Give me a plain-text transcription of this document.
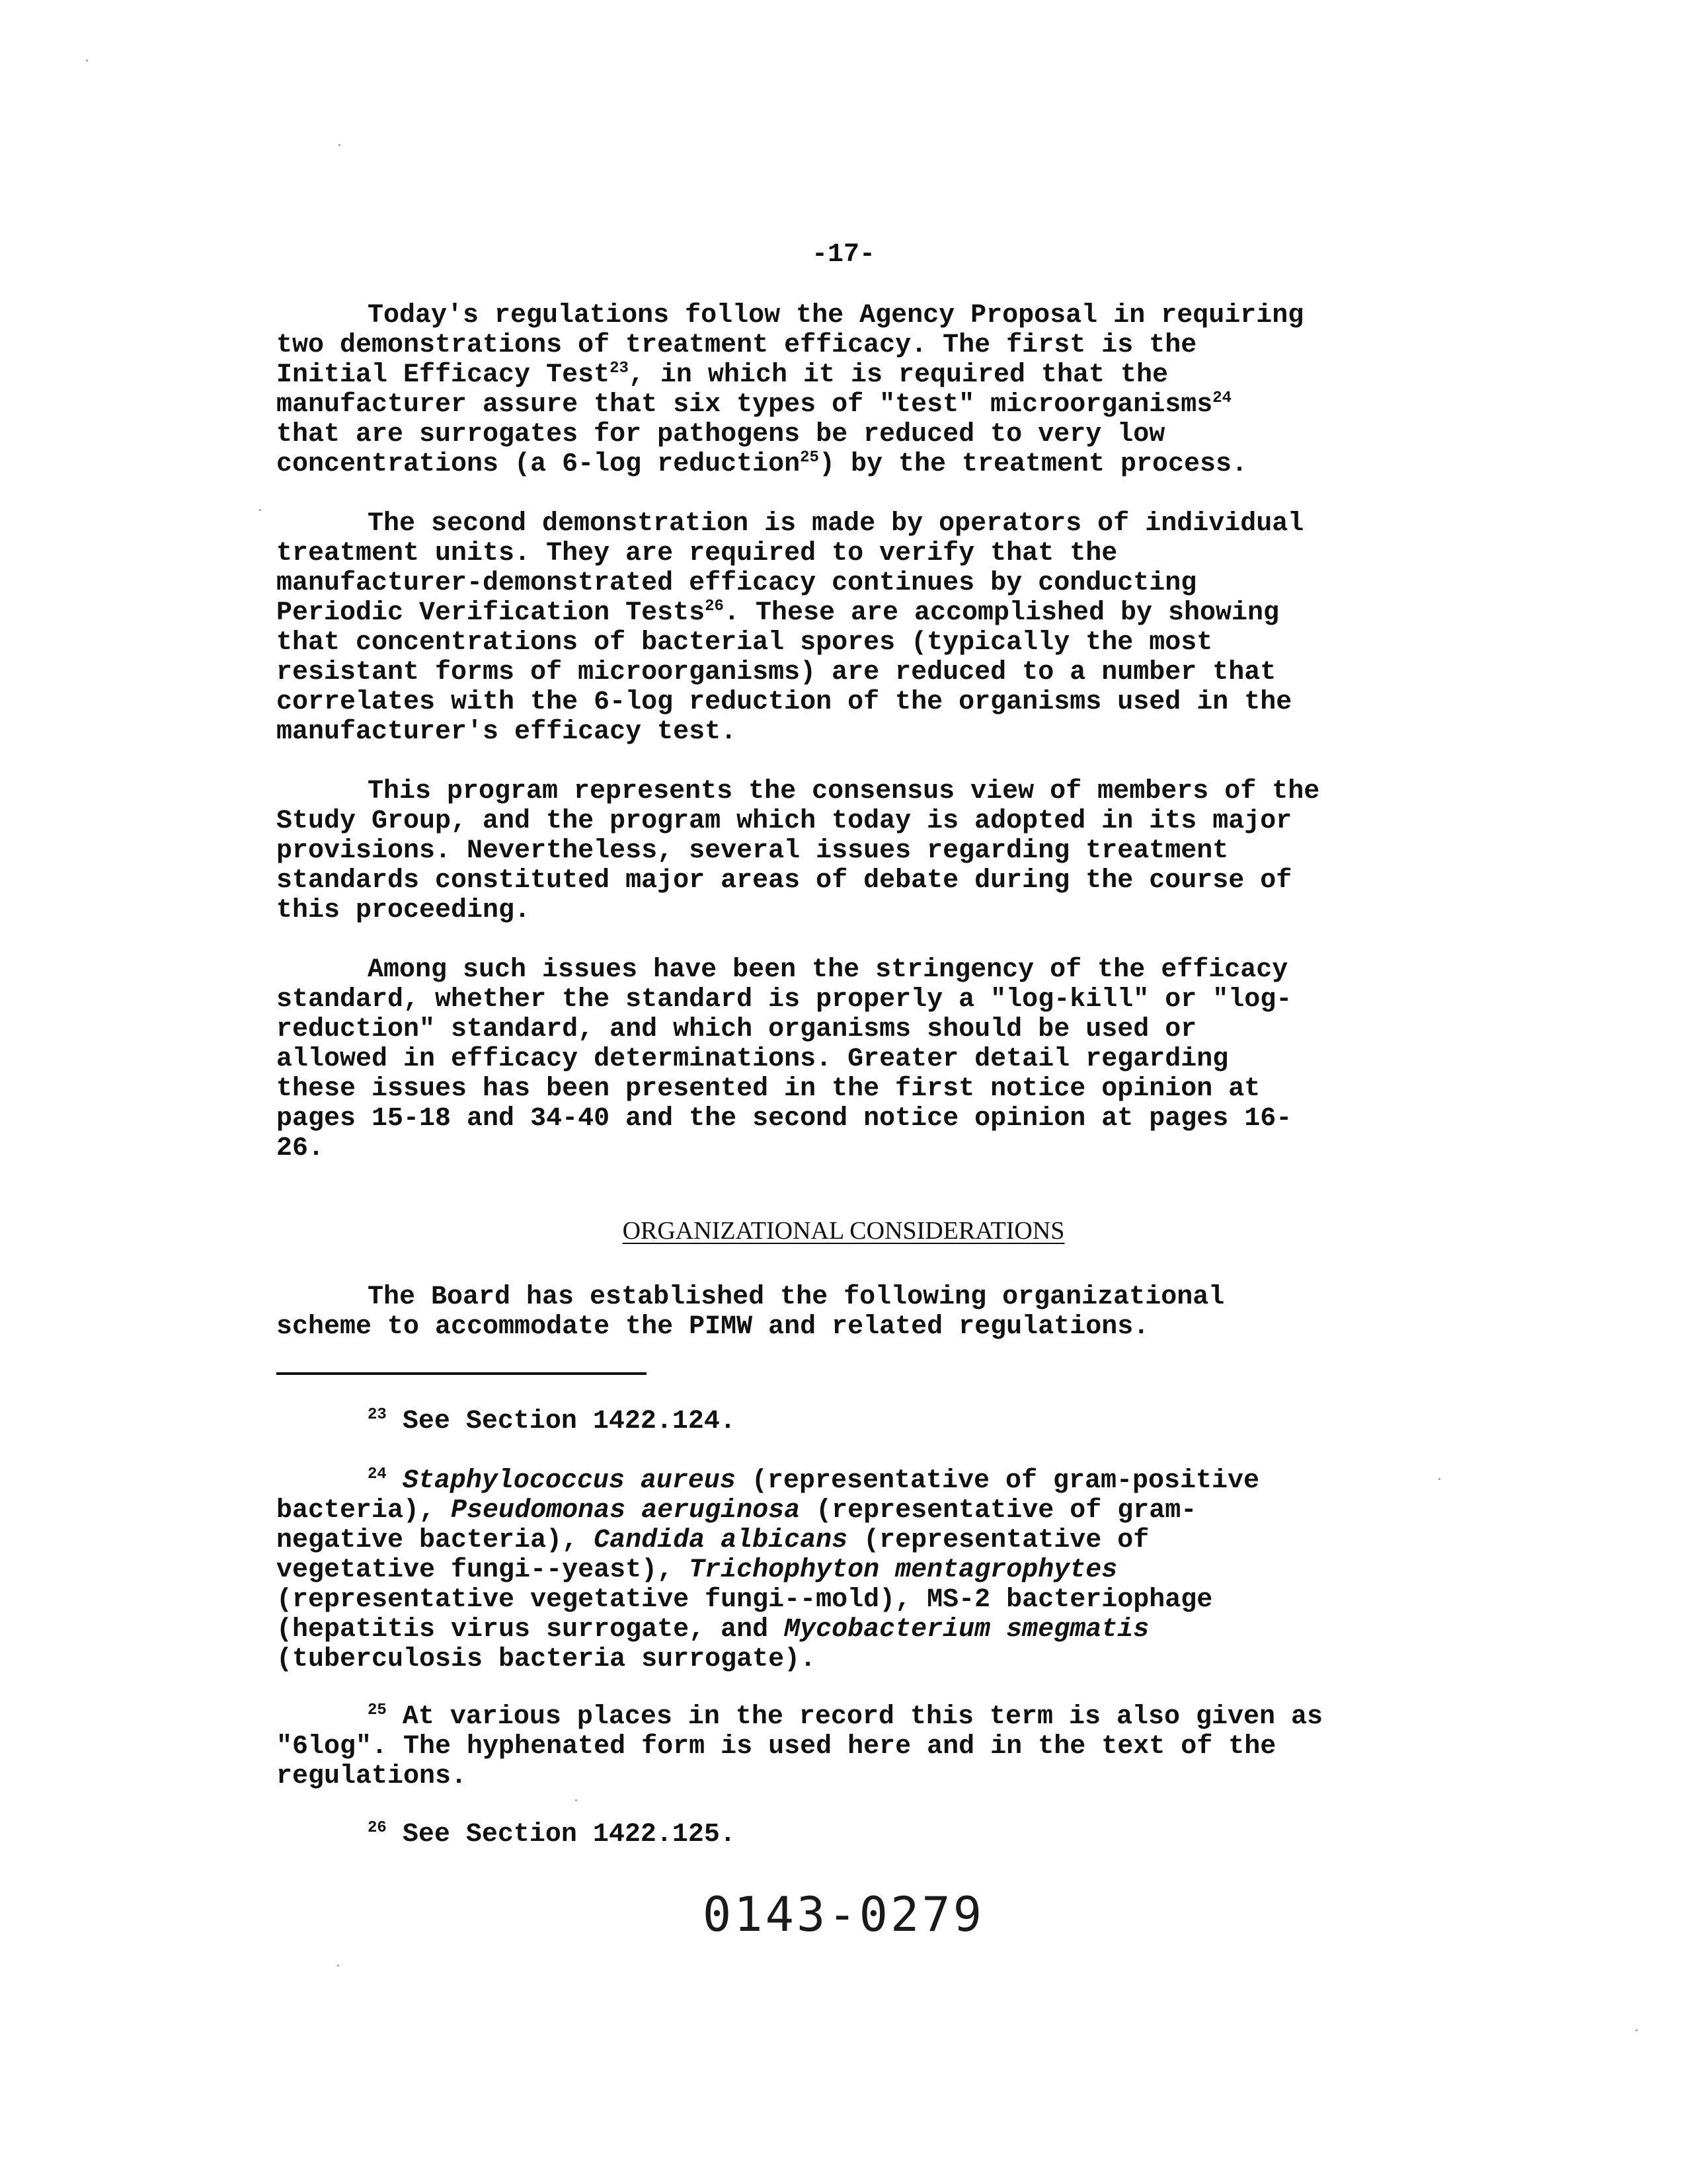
-17-
Today's regulations follow the Agency Proposal in requiring
two demonstrations of treatment efficacy. The first is the
Initial Efficacy Test$^{23}$, in which it is required that the
manufacturer assure that six types of "test" microorganisms$^{24}$
that are surrogates for pathogens be reduced to very low
concentrations (a 6-log reduction$^{25}$) by the treatment process.
The second demonstration is made by operators of individual
treatment units. They are required to verify that the
manufacturer-demonstrated efficacy continues by conducting
Periodic Verification Tests$^{26}$. These are accomplished by showing
that concentrations of bacterial spores (typically the most
resistant forms of microorganisms) are reduced to a number that
correlates with the 6-log reduction of the organisms used in the
manufacturer's efficacy test.
This program represents the consensus view of members of the
Study Group, and the program which today is adopted in its major
provisions. Nevertheless, several issues regarding treatment
standards constituted major areas of debate during the course of
this proceeding.
Among such issues have been the stringency of the efficacy
standard, whether the standard is properly a "log-kill" or "log-
reduction" standard, and which organisms should be used or
allowed in efficacy determinations. Greater detail regarding
these issues has been presented in the first notice opinion at
pages 15-18 and 34-40 and the second notice opinion at pages 16-
26.
ORGANIZATIONAL CONSIDERATIONS
The Board has established the following organizational
scheme to accommodate the PIMW and related regulations.
$^{23}$ See Section 1422.124.
$^{24}$ Staphylococcus aureus (representative of gram-positive
bacteria), Pseudomonas aeruginosa (representative of gram-
negative bacteria), Candida albicans (representative of
vegetative fungi--yeast), Trichophyton mentagrophytes
(representative vegetative fungi--mold), MS-2 bacteriophage
(hepatitis virus surrogate, and Mycobacterium smegmatis
(tuberculosis bacteria surrogate).
$^{25}$ At various places in the record this term is also given as
"6log". The hyphenated form is used here and in the text of the
regulations.
$^{26}$ See Section 1422.125.
0143-0279
